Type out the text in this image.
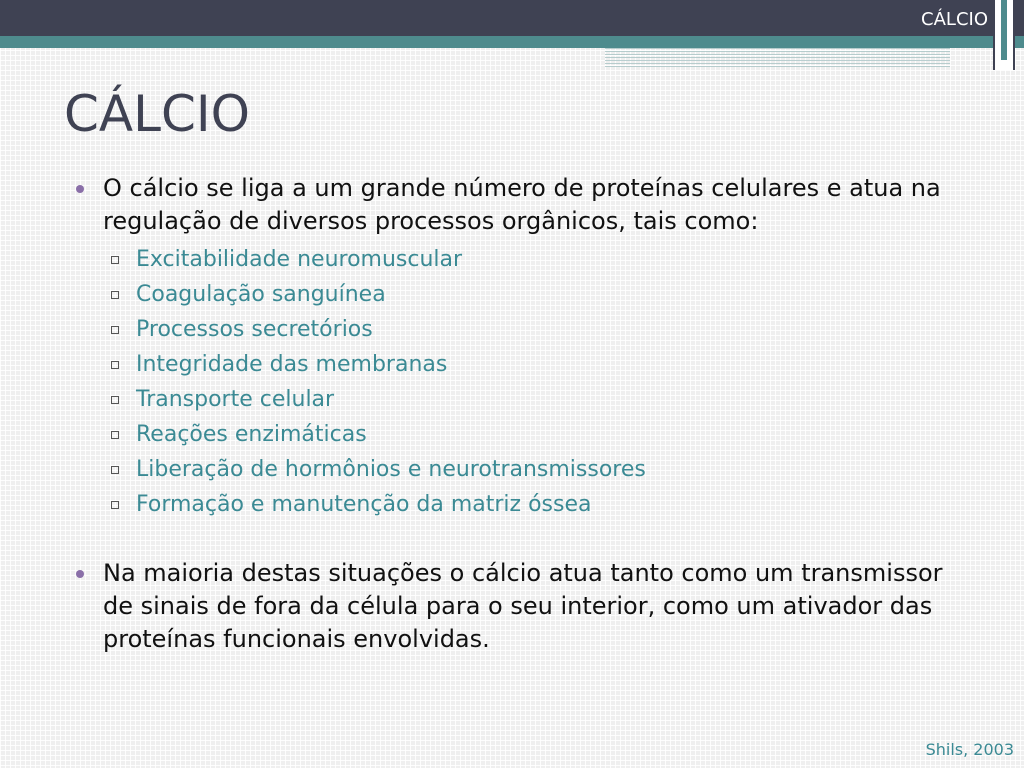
CÁLCIO
CÁLCIO
O cálcio se liga a um grande número de proteínas celulares e atua na regulação de diversos processos orgânicos, tais como:
Excitabilidade neuromuscular
Coagulação sanguínea
Processos secretórios
Integridade das membranas
Transporte celular
Reações enzimáticas
Liberação de hormônios e neurotransmissores
Formação e manutenção da matriz óssea
Na maioria destas situações o cálcio atua tanto como um transmissor de sinais de fora da célula para o seu interior, como um ativador das proteínas funcionais envolvidas.
Shils, 2003
